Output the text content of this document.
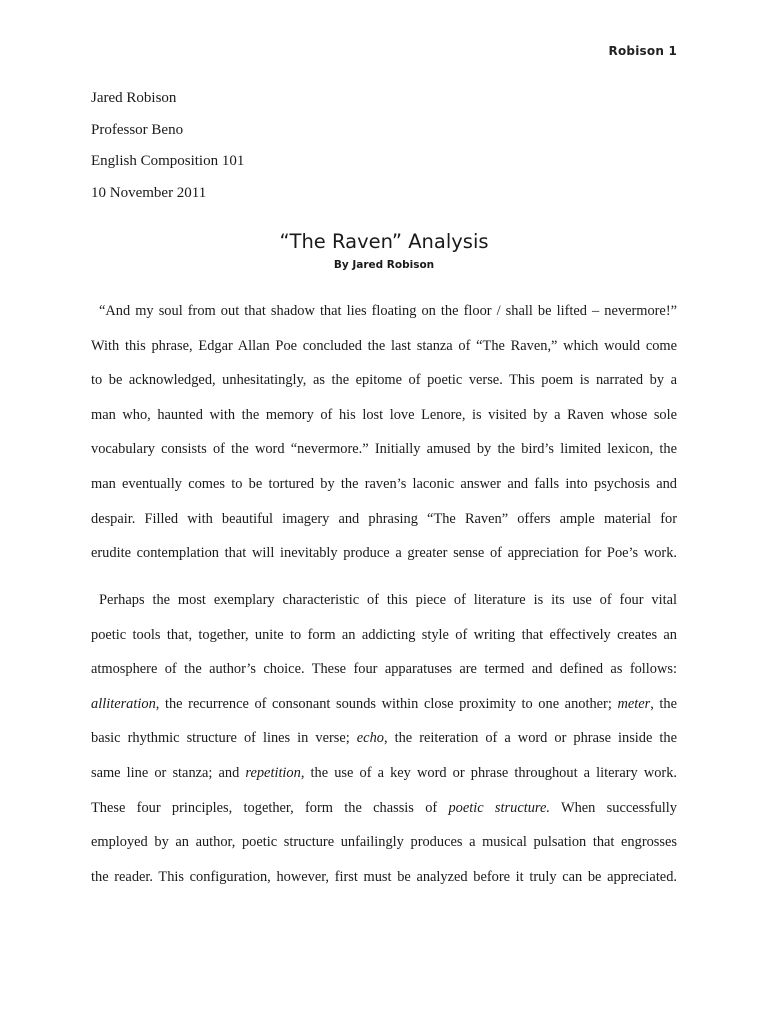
Robison 1
Jared Robison
Professor Beno
English Composition 101
10 November 2011
“The Raven” Analysis
By Jared Robison
“And my soul from out that shadow that lies floating on the floor / shall be lifted – nevermore!”
With this phrase, Edgar Allan Poe concluded the last stanza of “The Raven,” which would come
to be acknowledged, unhesitatingly, as the epitome of poetic verse. This poem is narrated by a
man who, haunted with the memory of his lost love Lenore, is visited by a Raven whose sole
vocabulary consists of the word “nevermore.” Initially amused by the bird’s limited lexicon, the
man eventually comes to be tortured by the raven’s laconic answer and falls into psychosis and
despair. Filled with beautiful imagery and phrasing “The Raven” offers ample material for
erudite contemplation that will inevitably produce a greater sense of appreciation for Poe’s work.
Perhaps the most exemplary characteristic of this piece of literature is its use of four vital
poetic tools that, together, unite to form an addicting style of writing that effectively creates an
atmosphere of the author’s choice. These four apparatuses are termed and defined as follows:
alliteration, the recurrence of consonant sounds within close proximity to one another; meter, the
basic rhythmic structure of lines in verse; echo, the reiteration of a word or phrase inside the
same line or stanza; and repetition, the use of a key word or phrase throughout a literary work.
These four principles, together, form the chassis of poetic structure. When successfully
employed by an author, poetic structure unfailingly produces a musical pulsation that engrosses
the reader. This configuration, however, first must be analyzed before it truly can be appreciated.
